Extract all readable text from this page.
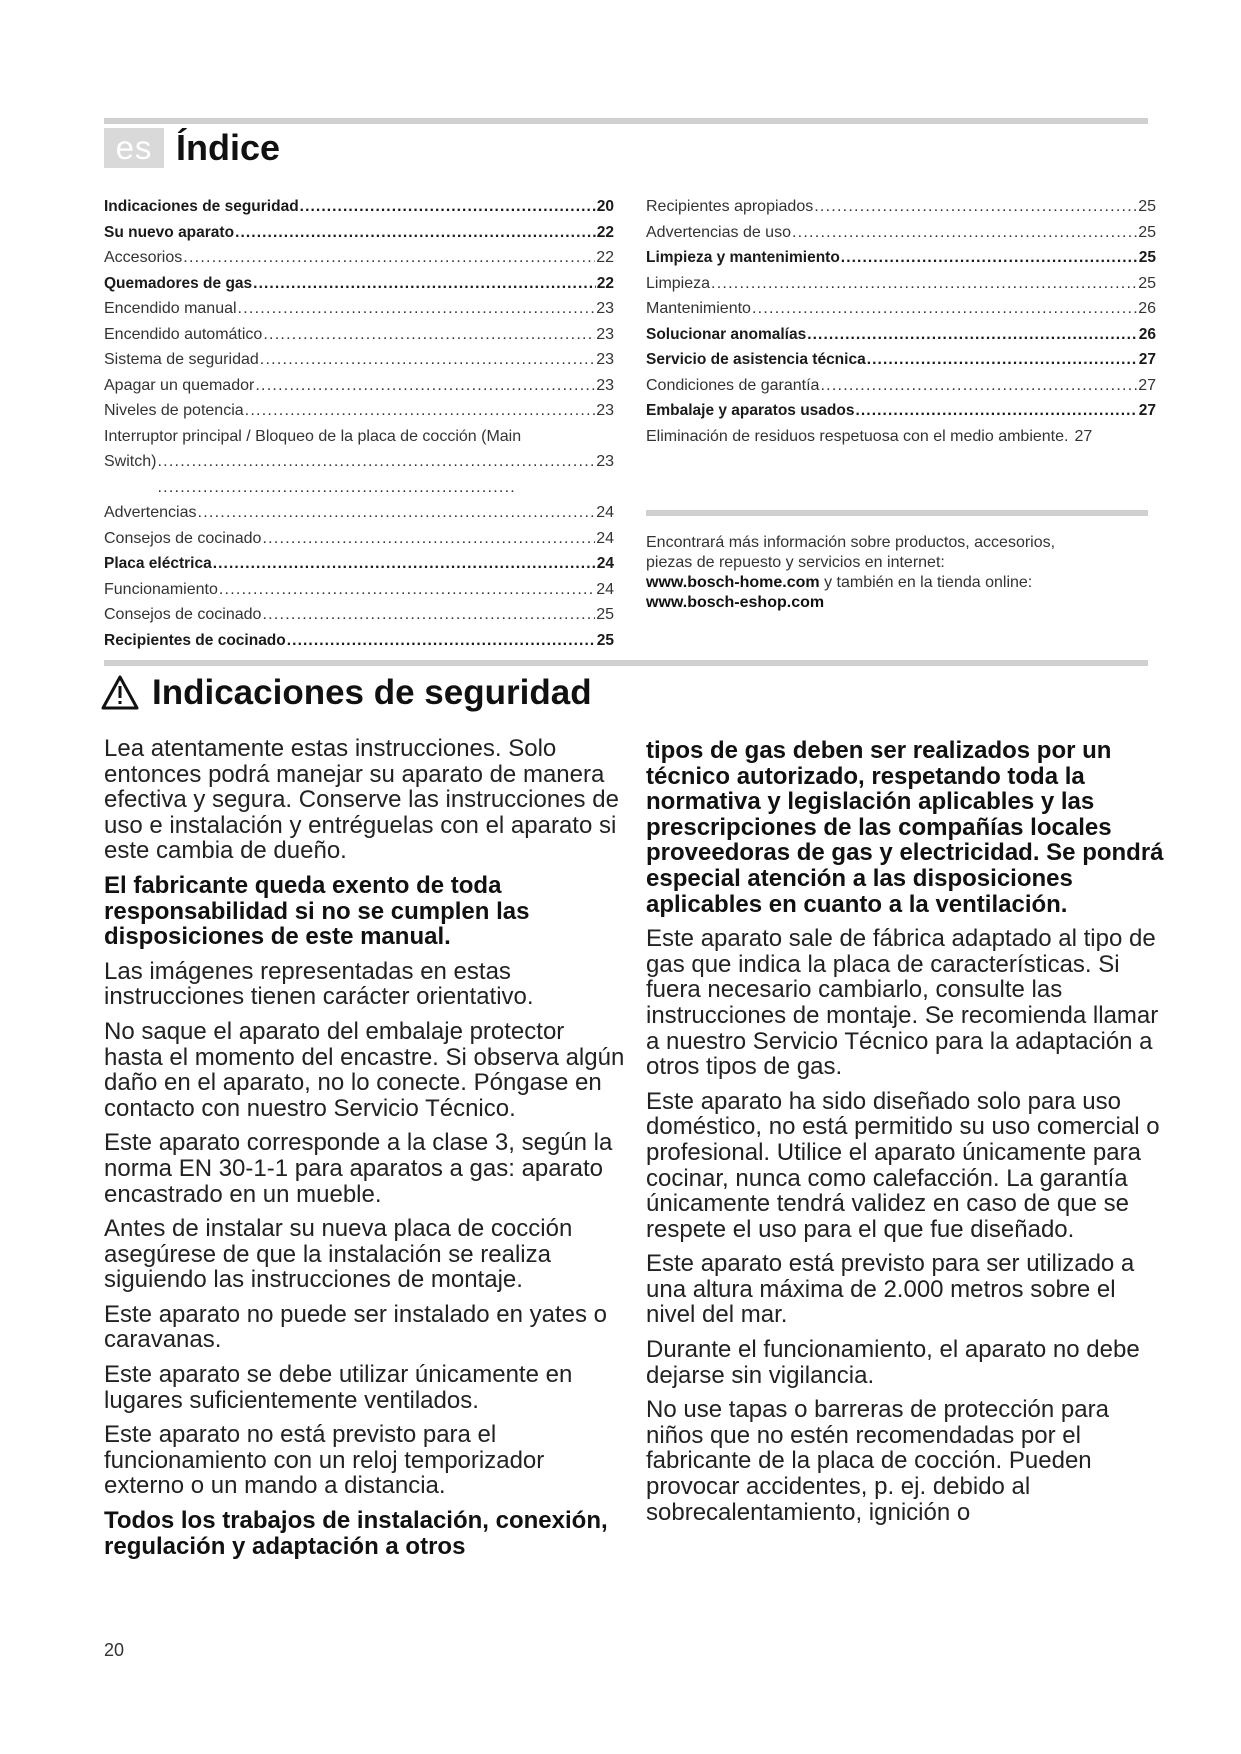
es Índice
Indicaciones de seguridad . . .	20
Su nuevo aparato . . .	22
Accesorios . . .	22
Quemadores de gas . . .	22
Encendido manual . . .	23
Encendido automático . . .	23
Sistema de seguridad . . .	23
Apagar un quemador . . .	23
Niveles de potencia . . .	23
Interruptor principal / Bloqueo de la placa de cocción (Main
Switch) . . .	23
Advertencias . . .	24
Consejos de cocinado . . .	24
Placa eléctrica . . .	24
Funcionamiento . . .	24
Consejos de cocinado . . .	25
Recipientes de cocinado . . .	25
Recipientes apropiados . . .	25
Advertencias de uso . . .	25
Limpieza y mantenimiento . . .	25
Limpieza . . .	25
Mantenimiento . . .	26
Solucionar anomalías . . .	26
Servicio de asistencia técnica . . .	27
Condiciones de garantía . . .	27
Embalaje y aparatos usados . . .	27
Eliminación de residuos respetuosa con el medio ambiente. 27
Encontrará más información sobre productos, accesorios,
piezas de repuesto y servicios en internet:
www.bosch-home.com y también en la tienda online:
www.bosch-eshop.com
Indicaciones de seguridad

Lea atentamente estas instrucciones. Solo entonces podrá manejar su aparato de manera efectiva y segura. Conserve las instrucciones de uso e instalación y entréguelas con el aparato si este cambia de dueño.

El fabricante queda exento de toda responsabilidad si no se cumplen las disposiciones de este manual.

Las imágenes representadas en estas instrucciones tienen carácter orientativo.

No saque el aparato del embalaje protector hasta el momento del encastre. Si observa algún daño en el aparato, no lo conecte. Póngase en contacto con nuestro Servicio Técnico.

Este aparato corresponde a la clase 3, según la norma EN 30-1-1 para aparatos a gas: aparato encastrado en un mueble.

Antes de instalar su nueva placa de cocción asegúrese de que la instalación se realiza siguiendo las instrucciones de montaje.

Este aparato no puede ser instalado en yates o caravanas.

Este aparato se debe utilizar únicamente en lugares suficientemente ventilados.

Este aparato no está previsto para el funcionamiento con un reloj temporizador externo o un mando a distancia.

Todos los trabajos de instalación, conexión, regulación y adaptación a otros

tipos de gas deben ser realizados por un técnico autorizado, respetando toda la normativa y legislación aplicables y las prescripciones de las compañías locales proveedoras de gas y electricidad. Se pondrá especial atención a las disposiciones aplicables en cuanto a la ventilación.

Este aparato sale de fábrica adaptado al tipo de gas que indica la placa de características. Si fuera necesario cambiarlo, consulte las instrucciones de montaje. Se recomienda llamar a nuestro Servicio Técnico para la adaptación a otros tipos de gas.

Este aparato ha sido diseñado solo para uso doméstico, no está permitido su uso comercial o profesional. Utilice el aparato únicamente para cocinar, nunca como calefacción. La garantía únicamente tendrá validez en caso de que se respete el uso para el que fue diseñado.

Este aparato está previsto para ser utilizado a una altura máxima de 2.000 metros sobre el nivel del mar.

Durante el funcionamiento, el aparato no debe dejarse sin vigilancia.

No use tapas o barreras de protección para niños que no estén recomendadas por el fabricante de la placa de cocción. Pueden provocar accidentes, p. ej. debido al sobrecalentamiento, ignición o

20
